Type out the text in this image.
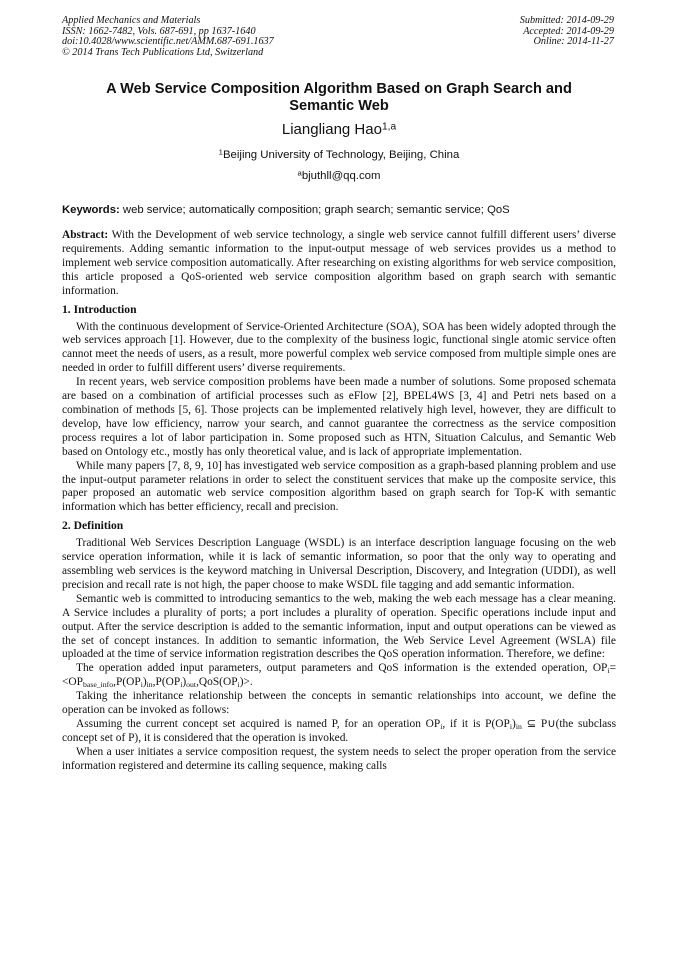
Applied Mechanics and Materials
ISSN: 1662-7482, Vols. 687-691, pp 1637-1640
doi:10.4028/www.scientific.net/AMM.687-691.1637
© 2014 Trans Tech Publications Ltd, Switzerland
Submitted: 2014-09-29
Accepted: 2014-09-29
Online: 2014-11-27
A Web Service Composition Algorithm Based on Graph Search and
Semantic Web
Liangliang Hao$^{1,a}$
$^1$Beijing University of Technology, Beijing, China
$^a$bjuthll@qq.com
Keywords: web service; automatically composition; graph search; semantic service; QoS

Abstract: With the Development of web service technology, a single web service cannot fulfill different users’ diverse requirements. Adding semantic information to the input-output message of web services provides us a method to implement web service composition automatically. After researching on existing algorithms for web service composition, this article proposed a QoS-oriented web service composition algorithm based on graph search with semantic information.

1. Introduction

With the continuous development of Service-Oriented Architecture (SOA), SOA has been widely adopted through the web services approach [1]. However, due to the complexity of the business logic, functional single atomic service often cannot meet the needs of users, as a result, more powerful complex web service composed from multiple simple ones are needed in order to fulfill different users’ diverse requirements.

In recent years, web service composition problems have been made a number of solutions. Some proposed schemata are based on a combination of artificial processes such as eFlow [2], BPEL4WS [3, 4] and Petri nets based on a combination of methods [5, 6]. Those projects can be implemented relatively high level, however, they are difficult to develop, have low efficiency, narrow your search, and cannot guarantee the correctness as the service composition process requires a lot of labor participation in. Some proposed such as HTN, Situation Calculus, and Semantic Web based on Ontology etc., mostly has only theoretical value, and is lack of appropriate implementation.

While many papers [7, 8, 9, 10] has investigated web service composition as a graph-based planning problem and use the input-output parameter relations in order to select the constituent services that make up the composite service, this paper proposed an automatic web service composition algorithm based on graph search for Top-K with semantic information which has better efficiency, recall and precision.

2. Definition

Traditional Web Services Description Language (WSDL) is an interface description language focusing on the web service operation information, while it is lack of semantic information, so poor that the only way to operating and assembling web services is the keyword matching in Universal Description, Discovery, and Integration (UDDI), as well precision and recall rate is not high, the paper choose to make WSDL file tagging and add semantic information.

Semantic web is committed to introducing semantics to the web, making the web each message has a clear meaning. A Service includes a plurality of ports; a port includes a plurality of operation. Specific operations include input and output. After the service description is added to the semantic information, input and output operations can be viewed as the set of concept instances. In addition to semantic information, the Web Service Level Agreement (WSLA) file uploaded at the time of service information registration describes the QoS operation information. Therefore, we define:

The operation added input parameters, output parameters and QoS information is the extended operation, $OP_i= <OP_{base\_info},P(OP_i)_{in},P(OP_i)_{out},QoS(OP_i)>$.

Taking the inheritance relationship between the concepts in semantic relationships into account, we define the operation can be invoked as follows:

Assuming the current concept set acquired is named P, for an operation $OP_i$, if it is $P(OP_i)_{in}$ ⊆ P∪(the subclass concept set of P), it is considered that the operation is invoked.

When a user initiates a service composition request, the system needs to select the proper operation from the service information registered and determine its calling sequence, making calls
